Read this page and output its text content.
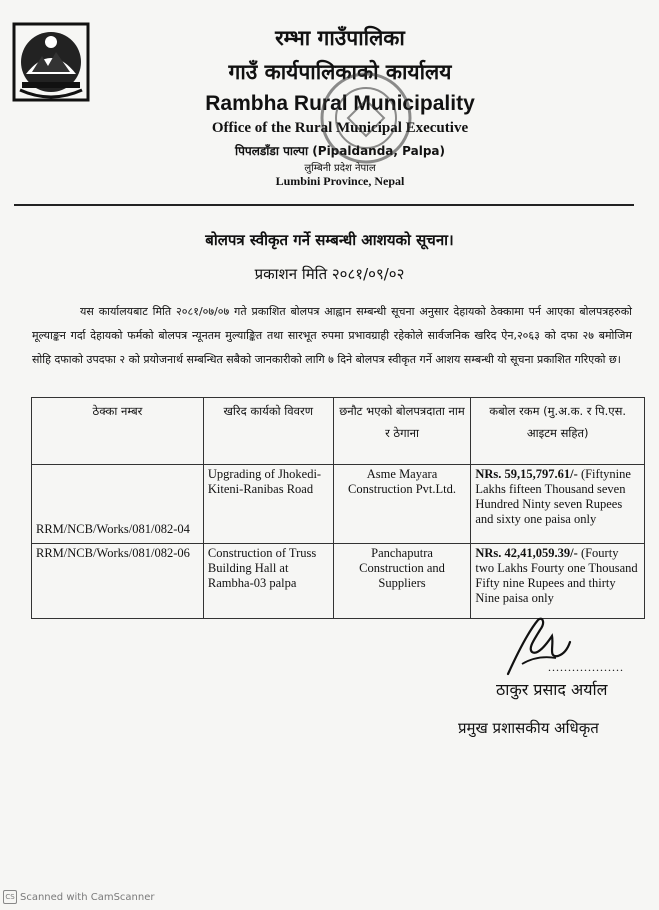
रम्भा गाउँपालिका
गाउँ कार्यपालिकाको कार्यालय
Rambha Rural Municipality
Office of the Rural Municipal Executive
पिपलडाँडा पाल्पा (Pipaldanda, Palpa)
लुम्बिनी प्रदेश नेपाल
Lumbini Province, Nepal
बोलपत्र स्वीकृत गर्ने सम्बन्धी आशयको सूचना।
प्रकाशन मिति २०८१/०९/०२
यस कार्यालयबाट मिति २०८१/०७/०७ गते प्रकाशित बोलपत्र आह्वान सम्बन्धी सूचना अनुसार देहायको ठेक्कामा पर्न आएका बोलपत्रहरुको मूल्याङ्कन गर्दा देहायको फर्मको बोलपत्र न्यूनतम मुल्याङ्कित तथा सारभूत रुपमा प्रभावग्राही रहेकोले सार्वजनिक खरिद ऐन,२०६३ को दफा २७ बमोजिम सोहि दफाको उपदफा २ को प्रयोजनार्थ सम्बन्धित सबैको जानकारीको लागि ७ दिने बोलपत्र स्वीकृत गर्ने आशय सम्बन्धी यो सूचना प्रकाशित गरिएको छ।
ठेक्का नम्बर	खरिद कार्यको विवरण	छनौट भएको बोलपत्रदाता नाम र ठेगाना	कबोल रकम (मु.अ.क. र पि.एस. आइटम सहित)
RRM/NCB/Works/081/082-04	Upgrading of Jhokedi-Kiteni-Ranibas Road	Asme Mayara Construction Pvt.Ltd.	NRs. 59,15,797.61/- (Fiftynine Lakhs fifteen Thousand seven Hundred Ninty seven Rupees and sixty one paisa only
RRM/NCB/Works/081/082-06	Construction of Truss Building Hall at Rambha-03 palpa	Panchaputra Construction and Suppliers	NRs. 42,41,059.39/- (Fourty two Lakhs Fourty one Thousand Fifty nine Rupees and thirty Nine paisa only
...................
ठाकुर प्रसाद अर्याल
प्रमुख प्रशासकीय अधिकृत
CS Scanned with CamScanner
